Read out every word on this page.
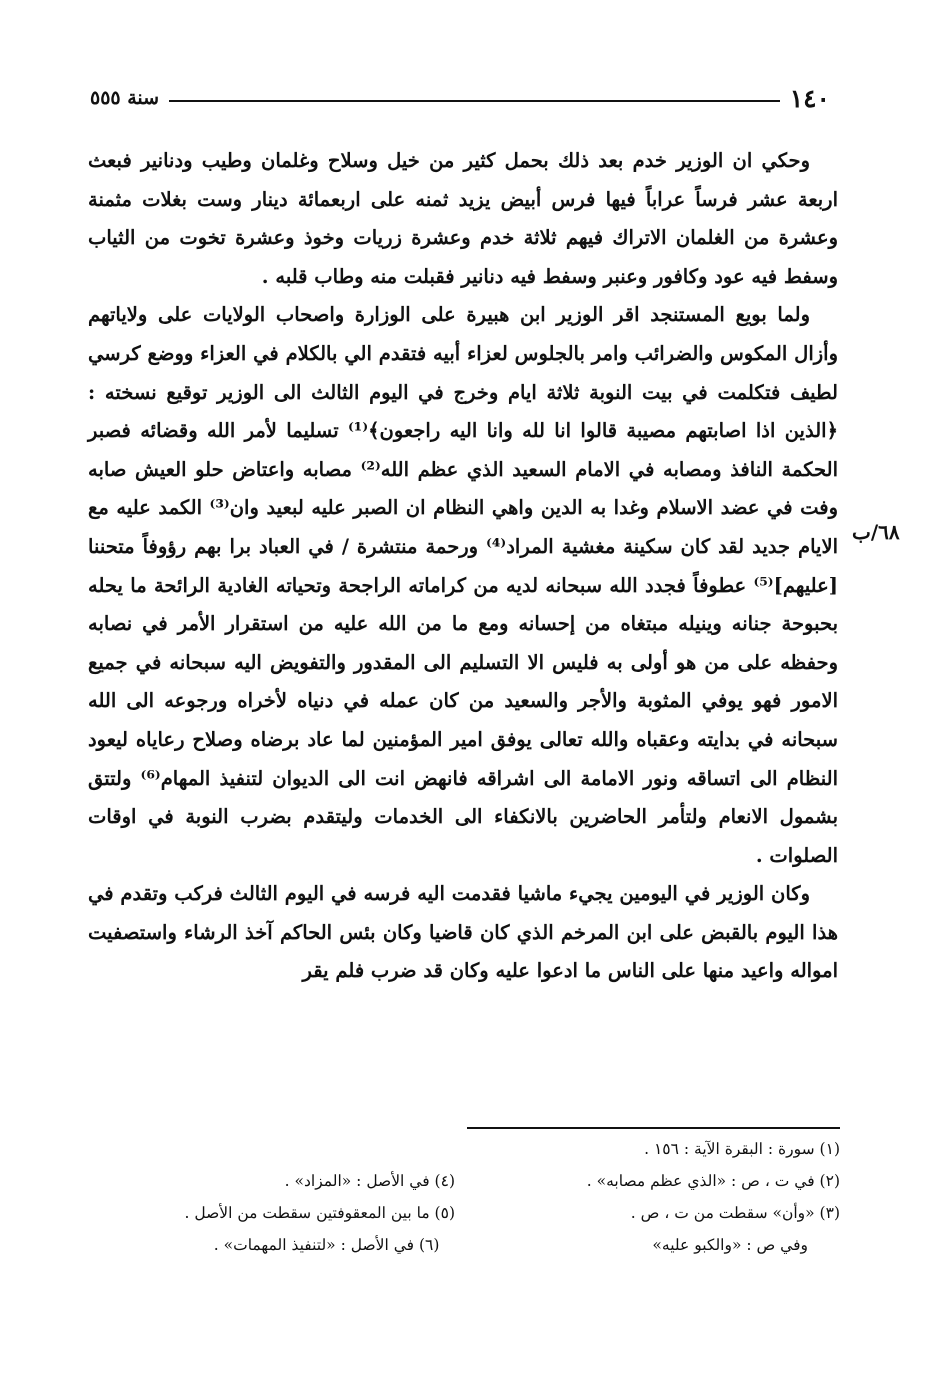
١٤٠
سنة ٥٥٥
٦٨/ب

وحكي ان الوزير خدم بعد ذلك بحمل كثير من خيل وسلاح وغلمان وطيب ودنانير فبعث اربعة عشر فرساً عراباً فيها فرس أبيض يزيد ثمنه على اربعمائة دينار وست بغلات مثمنة وعشرة من الغلمان الاتراك فيهم ثلاثة خدم وعشرة زريات وخوذ وعشرة تخوت من الثياب وسفط فيه عود وكافور وعنبر وسفط فيه دنانير فقبلت منه وطاب قلبه .

ولما بويع المستنجد اقر الوزير ابن هبيرة على الوزارة واصحاب الولايات على ولاياتهم وأزال المكوس والضرائب وامر بالجلوس لعزاء أبيه فتقدم الي بالكلام في العزاء ووضع كرسي لطيف فتكلمت في بيت النوبة ثلاثة ايام وخرج في اليوم الثالث الى الوزير توقيع نسخته :﴿الذين اذا اصابتهم مصيبة قالوا انا لله وانا اليه راجعون﴾⁽¹⁾ تسليما لأمر الله وقضائه فصبر الحكمة النافذ ومصابه في الامام السعيد الذي عظم الله⁽²⁾ مصابه واعتاض حلو العيش صابه وفت في عضد الاسلام وغدا به الدين واهي النظام ان الصبر عليه لبعيد وان⁽³⁾ الكمد عليه مع الايام جديد لقد كان سكينة مغشية المراد⁽⁴⁾ ورحمة منتشرة / في العباد برا بهم رؤوفاً متحننا [عليهم]⁽⁵⁾ عطوفاً فجدد الله سبحانه لديه من كراماته الراجحة وتحياته الغادية الرائحة ما يحله بحبوحة جنانه وينيله مبتغاه من إحسانه ومع ما من الله عليه من استقرار الأمر في نصابه وحفظه على من هو أولى به فليس الا التسليم الى المقدور والتفويض اليه سبحانه في جميع الامور فهو يوفي المثوبة والأجر والسعيد من كان عمله في دنياه لأخراه ورجوعه الى الله سبحانه في بدايته وعقباه والله تعالى يوفق امير المؤمنين لما عاد برضاه وصلاح رعاياه ليعود النظام الى اتساقه ونور الامامة الى اشراقه فانهض انت الى الديوان لتنفيذ المهام⁽⁶⁾ ولتتق بشمول الانعام ولتأمر الحاضرين بالانكفاء الى الخدمات وليتقدم بضرب النوبة في اوقات الصلوات .

وكان الوزير في اليومين يجيء ماشيا فقدمت اليه فرسه في اليوم الثالث فركب وتقدم في هذا اليوم بالقبض على ابن المرخم الذي كان قاضيا وكان بئس الحاكم آخذ الرشاء واستصفيت امواله واعيد منها على الناس ما ادعوا عليه وكان قد ضرب فلم يقر

(١) سورة : البقرة الآية : ١٥٦ .
(٢) في ت ، ص : «الذي عظم مصابه» .
(٤) في الأصل : «المزاد» .
(٣) «وأن» سقطت من ت ، ص .
(٥) ما بين المعقوفتين سقطت من الأصل .
وفي ص : «والكبو عليه»
(٦) في الأصل : «لتنفيذ المهمات» .
